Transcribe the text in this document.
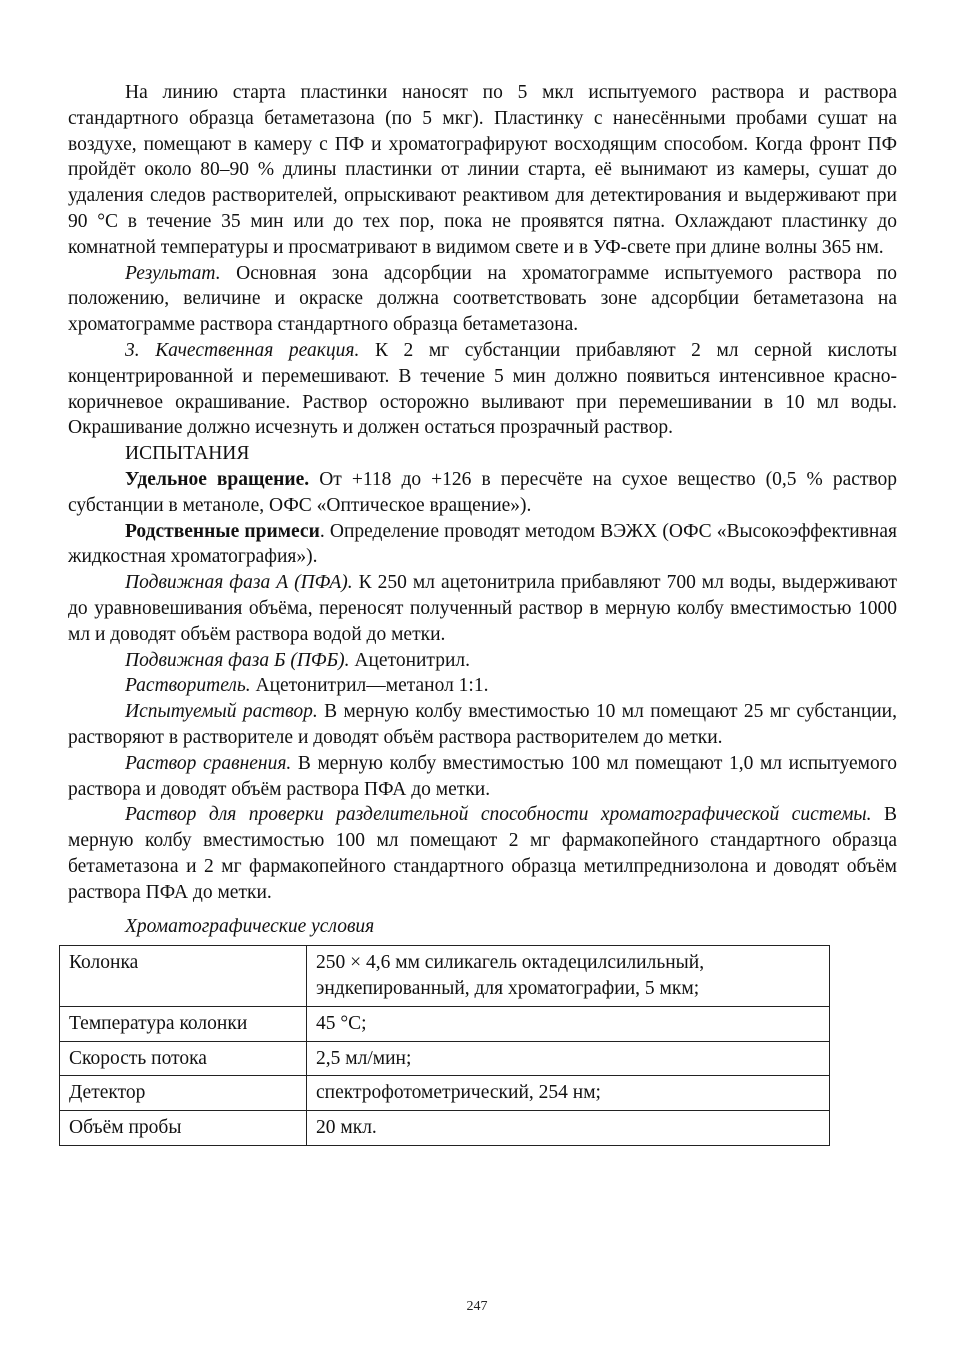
На линию старта пластинки наносят по 5 мкл испытуемого раствора и раствора стандартного образца бетаметазона (по 5 мкг). Пластинку с нанесёнными пробами сушат на воздухе, помещают в камеру с ПФ и хроматографируют восходящим способом. Когда фронт ПФ пройдёт около 80–90 % длины пластинки от линии старта, её вынимают из камеры, сушат до удаления следов растворителей, опрыскивают реактивом для детектирования и выдерживают при 90 °С в течение 35 мин или до тех пор, пока не проявятся пятна. Охлаждают пластинку до комнатной температуры и просматривают в видимом свете и в УФ-свете при длине волны 365 нм.

Результат. Основная зона адсорбции на хроматограмме испытуемого раствора по положению, величине и окраске должна соответствовать зоне адсорбции бетаметазона на хроматограмме раствора стандартного образца бетаметазона.

3. Качественная реакция. К 2 мг субстанции прибавляют 2 мл серной кислоты концентрированной и перемешивают. В течение 5 мин должно появиться интенсивное красно-коричневое окрашивание. Раствор осторожно выливают при перемешивании в 10 мл воды. Окрашивание должно исчезнуть и должен остаться прозрачный раствор.

ИСПЫТАНИЯ

Удельное вращение. От +118 до +126 в пересчёте на сухое вещество (0,5 % раствор субстанции в метаноле, ОФС «Оптическое вращение»).

Родственные примеси. Определение проводят методом ВЭЖХ (ОФС «Высокоэффективная жидкостная хроматография»).

Подвижная фаза А (ПФА). К 250 мл ацетонитрила прибавляют 700 мл воды, выдерживают до уравновешивания объёма, переносят полученный раствор в мерную колбу вместимостью 1000 мл и доводят объём раствора водой до метки.

Подвижная фаза Б (ПФБ). Ацетонитрил.

Растворитель. Ацетонитрил—метанол 1:1.

Испытуемый раствор. В мерную колбу вместимостью 10 мл помещают 25 мг субстанции, растворяют в растворителе и доводят объём раствора растворителем до метки.

Раствор сравнения. В мерную колбу вместимостью 100 мл помещают 1,0 мл испытуемого раствора и доводят объём раствора ПФА до метки.

Раствор для проверки разделительной способности хроматографической системы. В мерную колбу вместимостью 100 мл помещают 2 мг фармакопейного стандартного образца бетаметазона и 2 мг фармакопейного стандартного образца метилпреднизолона и доводят объём раствора ПФА до метки.

Хроматографические условия

Колонка	250 × 4,6 мм силикагель октадецилсилильный, эндкепированный, для хроматографии, 5 мкм;
Температура колонки	45 °С;
Скорость потока	2,5 мл/мин;
Детектор	спектрофотометрический, 254 нм;
Объём пробы	20 мкл.
247
